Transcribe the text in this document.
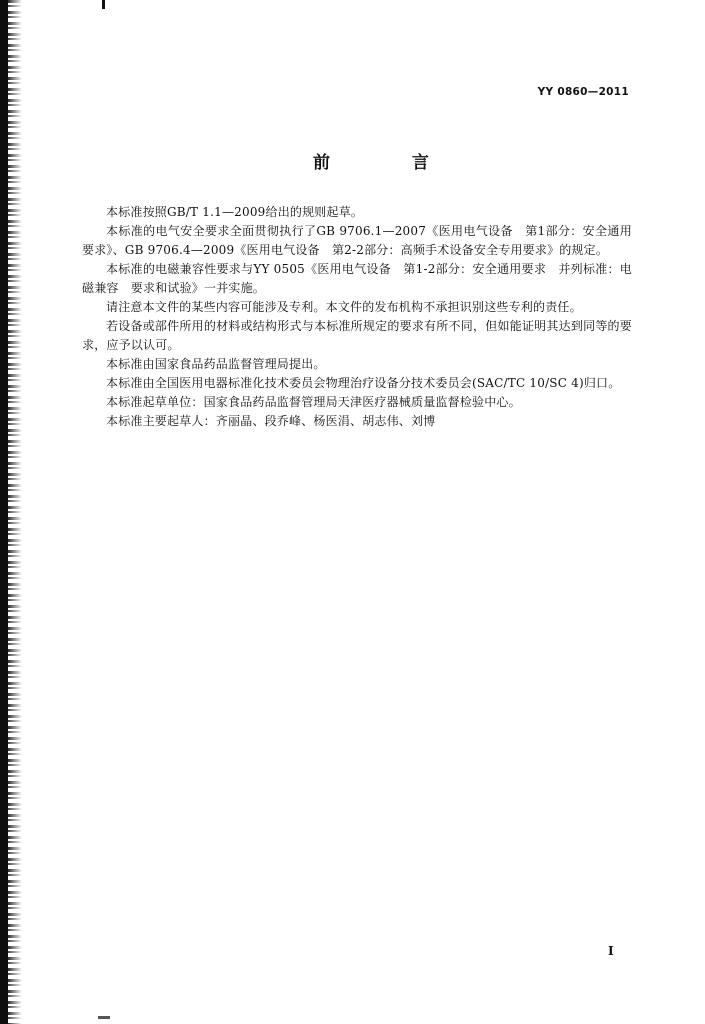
YY 0860—2011
前 言

本标准按照GB/T 1.1—2009给出的规则起草。

本标准的电气安全要求全面贯彻执行了GB 9706.1—2007《医用电气设备　第1部分：安全通用要求》、GB 9706.4—2009《医用电气设备　第2-2部分：高频手术设备安全专用要求》的规定。

本标准的电磁兼容性要求与YY 0505《医用电气设备　第1-2部分：安全通用要求　并列标准：电磁兼容　要求和试验》一并实施。

请注意本文件的某些内容可能涉及专利。本文件的发布机构不承担识别这些专利的责任。

若设备或部件所用的材料或结构形式与本标准所规定的要求有所不同，但如能证明其达到同等的要求，应予以认可。

本标准由国家食品药品监督管理局提出。

本标准由全国医用电器标准化技术委员会物理治疗设备分技术委员会(SAC/TC 10/SC 4)归口。

本标准起草单位：国家食品药品监督管理局天津医疗器械质量监督检验中心。

本标准主要起草人：齐丽晶、段乔峰、杨医涓、胡志伟、刘博

I
